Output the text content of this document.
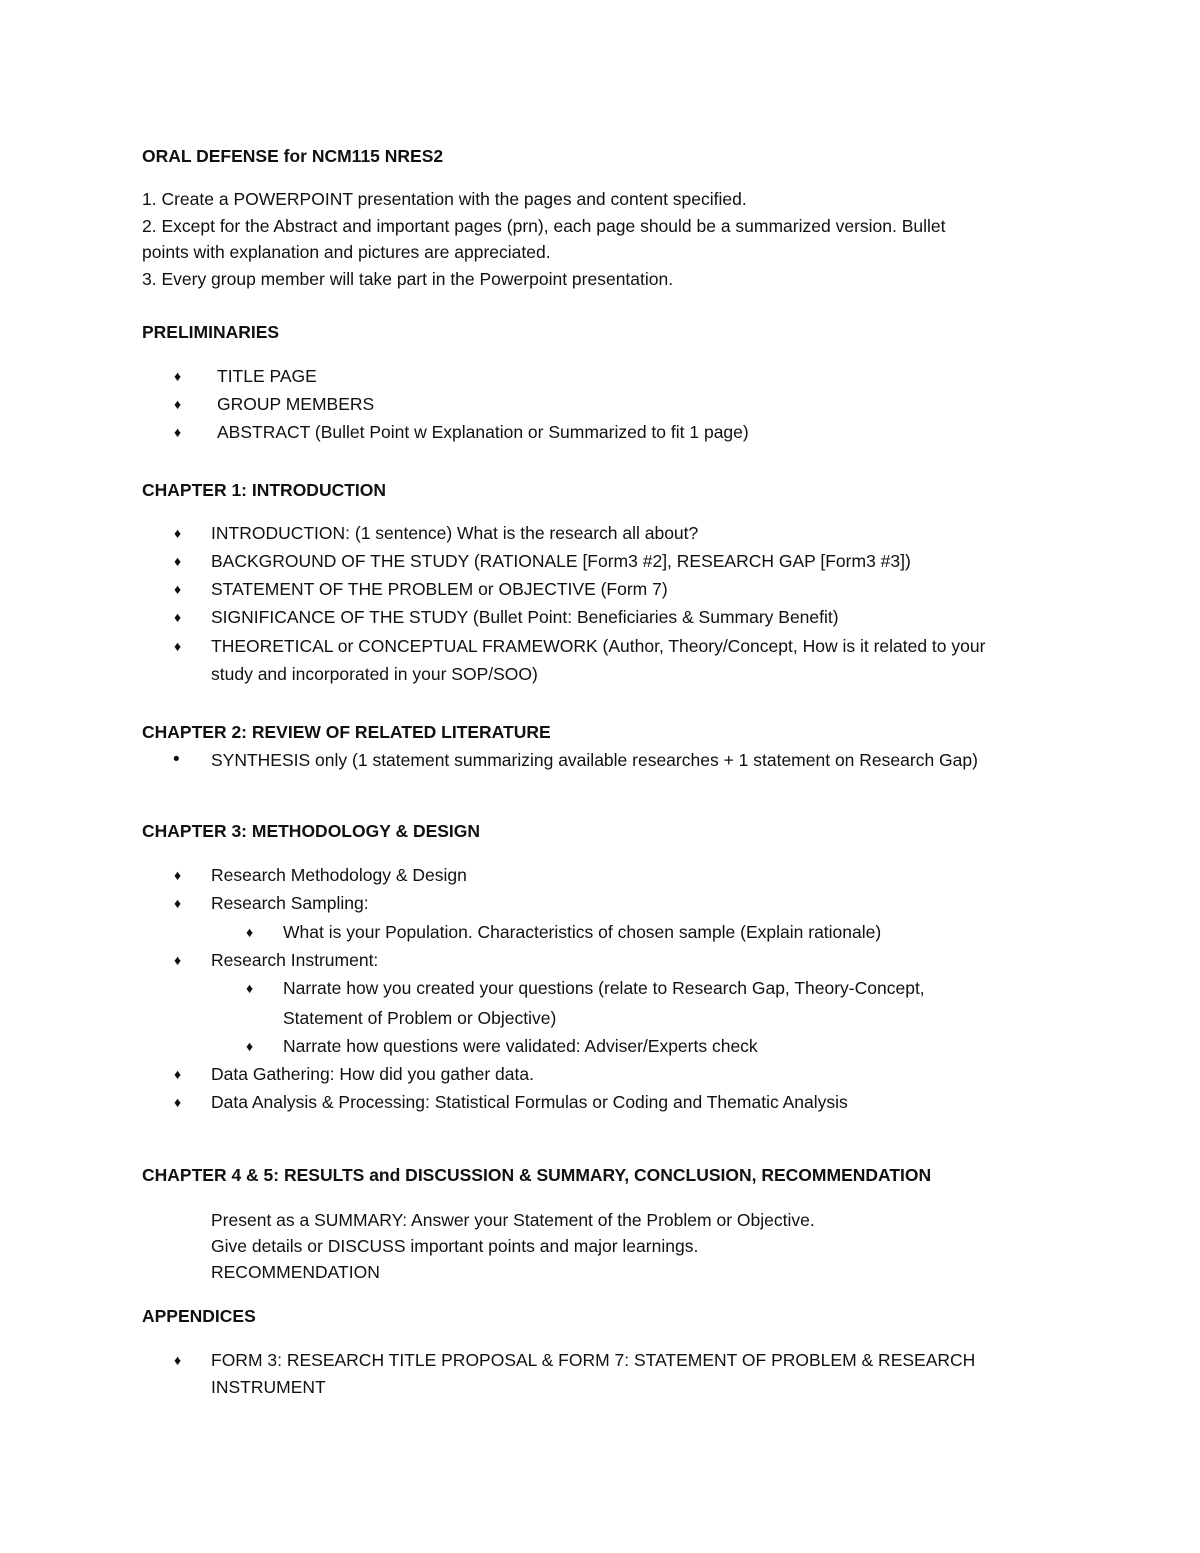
ORAL DEFENSE for NCM115 NRES2
1. Create a POWERPOINT presentation with the pages and content specified.
2. Except for the Abstract and important pages (prn), each page should be a summarized version. Bullet
points with explanation and pictures are appreciated.
3. Every group member will take part in the Powerpoint presentation.
PRELIMINARIES
♦ TITLE PAGE
♦ GROUP MEMBERS
♦ ABSTRACT (Bullet Point w Explanation or Summarized to fit 1 page)
CHAPTER 1: INTRODUCTION
♦ INTRODUCTION: (1 sentence) What is the research all about?
♦ BACKGROUND OF THE STUDY (RATIONALE [Form3 #2], RESEARCH GAP [Form3 #3])
♦ STATEMENT OF THE PROBLEM or OBJECTIVE (Form 7)
♦ SIGNIFICANCE OF THE STUDY (Bullet Point: Beneficiaries & Summary Benefit)
♦ THEORETICAL or CONCEPTUAL FRAMEWORK (Author, Theory/Concept, How is it related to your
study and incorporated in your SOP/SOO)
CHAPTER 2: REVIEW OF RELATED LITERATURE
• SYNTHESIS only (1 statement summarizing available researches + 1 statement on Research Gap)
CHAPTER 3: METHODOLOGY & DESIGN
♦ Research Methodology & Design
♦ Research Sampling:
♦ What is your Population. Characteristics of chosen sample (Explain rationale)
♦ Research Instrument:
♦ Narrate how you created your questions (relate to Research Gap, Theory-Concept,
Statement of Problem or Objective)
♦ Narrate how questions were validated: Adviser/Experts check
♦ Data Gathering: How did you gather data.
♦ Data Analysis & Processing: Statistical Formulas or Coding and Thematic Analysis
CHAPTER 4 & 5: RESULTS and DISCUSSION & SUMMARY, CONCLUSION, RECOMMENDATION
Present as a SUMMARY: Answer your Statement of the Problem or Objective.
Give details or DISCUSS important points and major learnings.
RECOMMENDATION
APPENDICES
♦ FORM 3: RESEARCH TITLE PROPOSAL & FORM 7: STATEMENT OF PROBLEM & RESEARCH
INSTRUMENT
